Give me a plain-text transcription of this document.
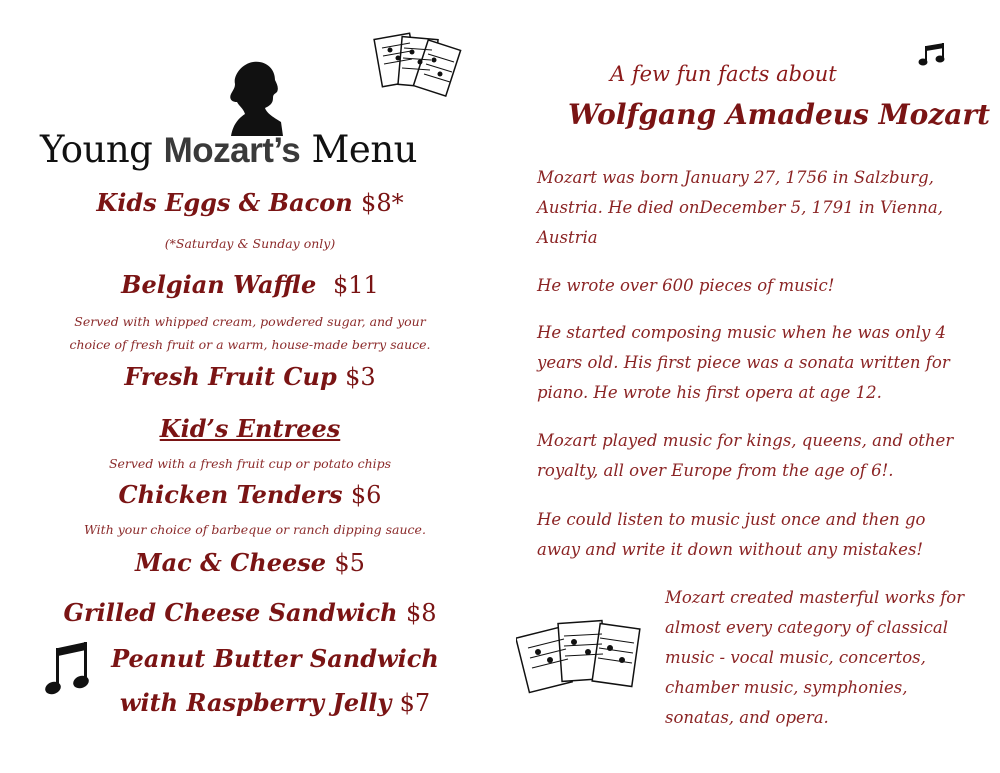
Young Mozart’s Menu
Kids Eggs & Bacon $8*
(*Saturday & Sunday only)
Belgian Waffle $11
Served with whipped cream, powdered sugar, and your choice of fresh fruit or a warm, house-made berry sauce.
Fresh Fruit Cup $3
Kid’s Entrees
Served with a fresh fruit cup or potato chips
Chicken Tenders $6
With your choice of barbeque or ranch dipping sauce.
Mac & Cheese $5
Grilled Cheese Sandwich $8
Peanut Butter Sandwich
with Raspberry Jelly $7
A few fun facts about
Wolfgang Amadeus Mozart
Mozart was born January 27, 1756 in Salzburg, Austria. He died onDecember 5, 1791 in Vienna, Austria
He wrote over 600 pieces of music!
He started composing music when he was only 4 years old. His first piece was a sonata written for piano. He wrote his first opera at age 12.
Mozart played music for kings, queens, and other royalty, all over Europe from the age of 6!.
He could listen to music just once and then go away and write it down without any mistakes!
Mozart created masterful works for almost every category of classical music - vocal music, concertos, chamber music, symphonies, sonatas, and opera.
